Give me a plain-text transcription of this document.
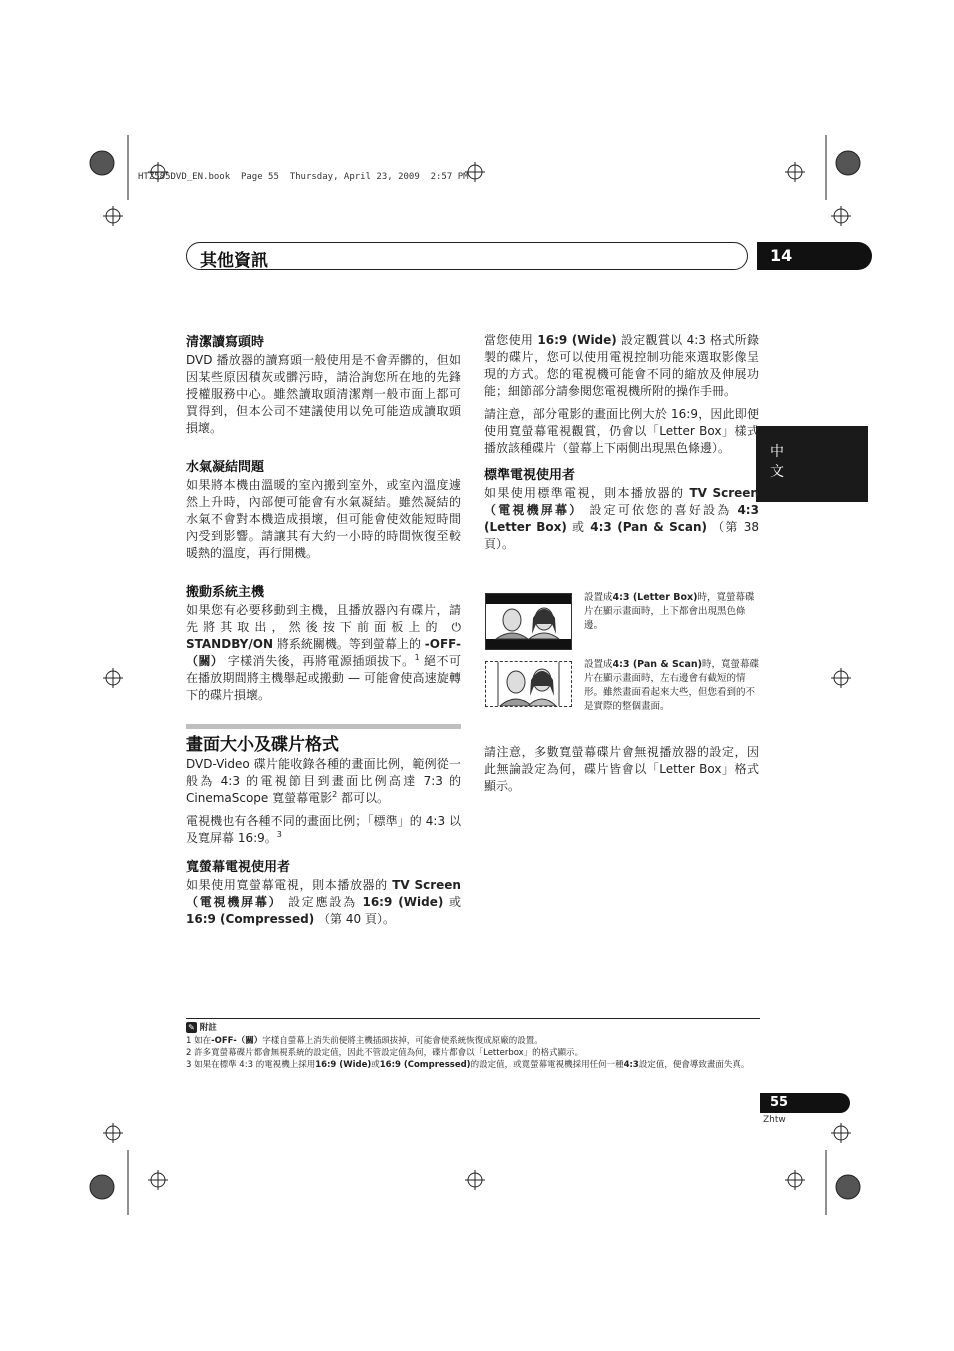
HTZ585DVD_EN.book  Page 55  Thursday, April 23, 2009  2:57 PM
其他資訊	14
中文
清潔讀寫頭時

DVD 播放器的讀寫頭一般使用是不會弄髒的，但如因某些原因積灰或髒污時，請洽詢您所在地的先鋒授權服務中心。雖然讀取頭清潔劑一般市面上都可買得到，但本公司不建議使用以免可能造成讀取頭損壞。

水氣凝結問題

如果將本機由溫暖的室內搬到室外，或室內溫度遽然上升時，內部便可能會有水氣凝結。雖然凝結的水氣不會對本機造成損壞，但可能會使效能短時間內受到影響。請讓其有大約一小時的時間恢復至較暖熱的溫度，再行開機。

搬動系統主機

如果您有必要移動到主機，且播放器內有碟片，請先將其取出，然後按下前面板上的 ⏻ STANDBY/ON 將系統關機。等到螢幕上的 -OFF-（關） 字樣消失後，再將電源插頭拔下。$^1$ 絕不可在播放期間將主機舉起或搬動 — 可能會使高速旋轉下的碟片損壞。

畫面大小及碟片格式

DVD-Video 碟片能收錄各種的畫面比例，範例從一般為 4:3 的電視節目到畫面比例高達 7:3 的 CinemaScope 寬螢幕電影$^2$ 都可以。

電視機也有各種不同的畫面比例；「標準」的 4:3 以及寬屏幕 16:9。$^3$

寬螢幕電視使用者

如果使用寬螢幕電視，則本播放器的 TV Screen（電視機屏幕） 設定應設為 16:9 (Wide) 或 16:9 (Compressed) （第 40 頁）。

當您使用 16:9 (Wide) 設定觀賞以 4:3 格式所錄製的碟片，您可以使用電視控制功能來選取影像呈現的方式。您的電視機可能會不同的縮放及伸展功能；細節部分請參閱您電視機所附的操作手冊。

請注意，部分電影的畫面比例大於 16:9，因此即便使用寬螢幕電視觀賞，仍會以「Letter Box」樣式播放該種碟片（螢幕上下兩側出現黑色條邊）。

標準電視使用者

如果使用標準電視，則本播放器的 TV Screen（電視機屏幕） 設定可依您的喜好設為 4:3 (Letter Box) 或 4:3 (Pan & Scan) （第 38 頁）。

設置成4:3 (Letter Box)時，寬螢幕碟片在顯示畫面時，上下都會出現黑色條邊。
設置成4:3 (Pan & Scan)時，寬螢幕碟片在顯示畫面時，左右邊會有截短的情形。雖然畫面看起來大些，但您看到的不是實際的整個畫面。

請注意，多數寬螢幕碟片會無視播放器的設定，因此無論設定為何，碟片皆會以「Letter Box」格式顯示。

✎ 附註
1 如在-OFF-（關）字樣自螢幕上消失前便將主機插頭拔掉，可能會使系統恢復成原廠的設置。
2 許多寬螢幕碟片都會無視系統的設定值，因此不管設定值為何，碟片都會以「Letterbox」的格式顯示。
3 如果在標準 4:3 的電視機上採用16:9 (Wide)或16:9 (Compressed)的設定值，或寬螢幕電視機採用任何一種4:3設定值，便會導致畫面失真。
55
Zhtw
